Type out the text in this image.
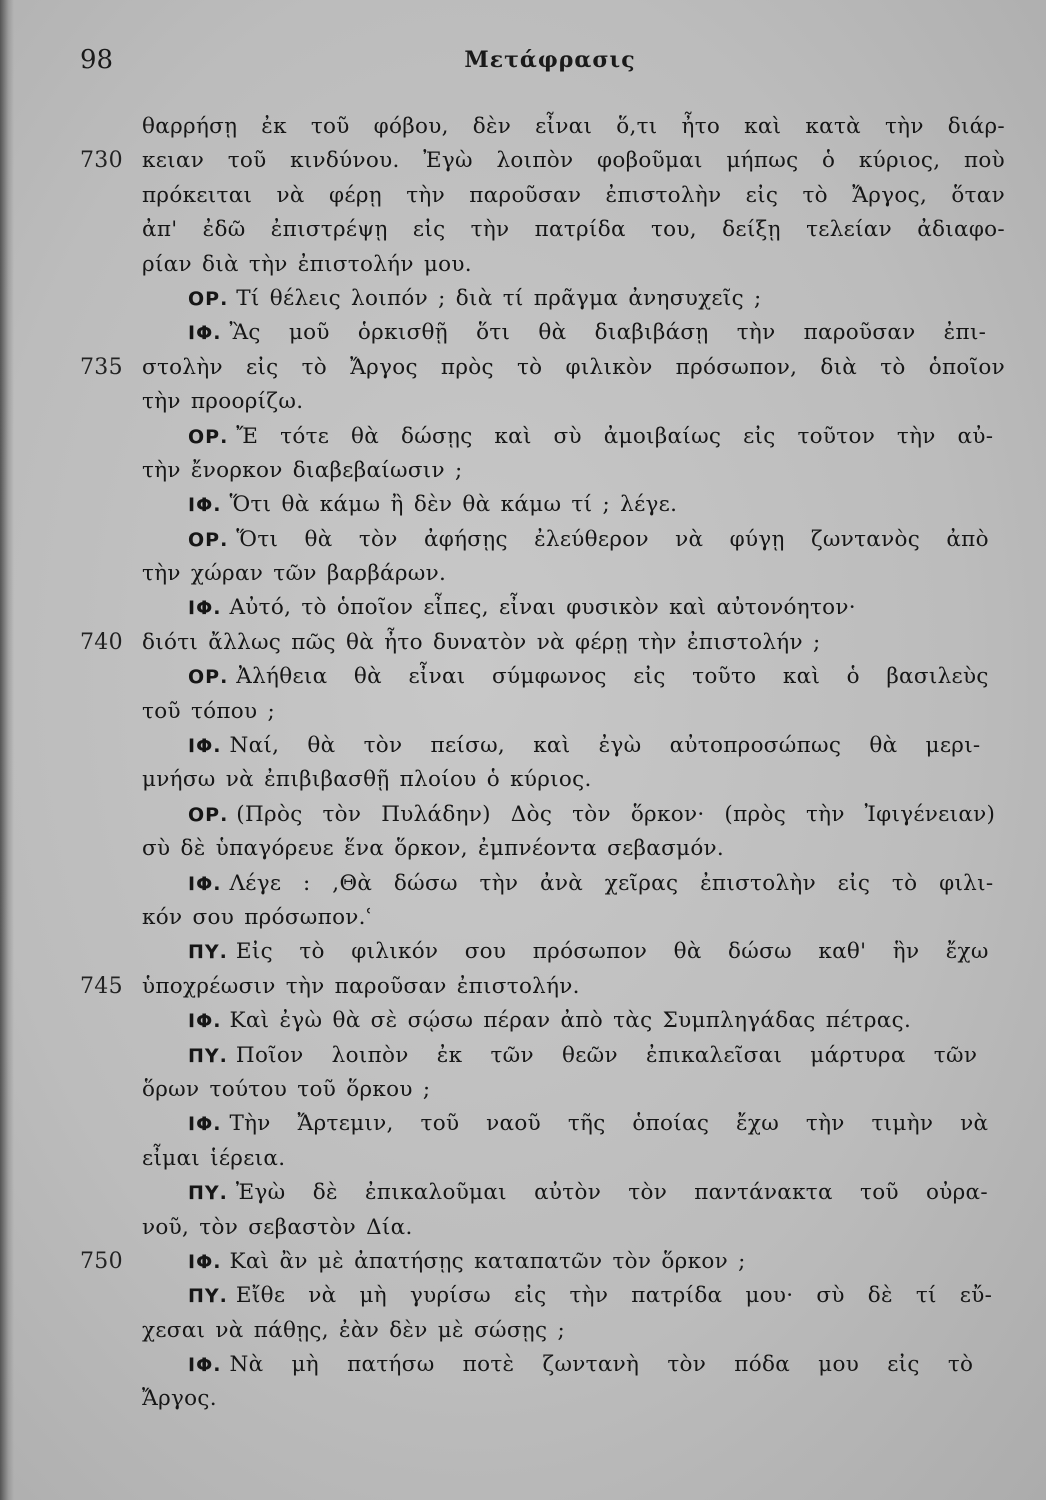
98	Μετάφρασις
θαρρήσῃ ἐκ τοῦ φόβου, δὲν εἶναι ὅ,τι ἦτο καὶ κατὰ τὴν διάρ-
730 κειαν τοῦ κινδύνου. Ἐγὼ λοιπὸν φοβοῦμαι μήπως ὁ κύριος, ποὺ
πρόκειται νὰ φέρῃ τὴν παροῦσαν ἐπιστολὴν εἰς τὸ Ἄργος, ὅταν
ἀπ' ἐδῶ ἐπιστρέψῃ εἰς τὴν πατρίδα του, δείξῃ τελείαν ἀδιαφο-
ρίαν διὰ τὴν ἐπιστολήν μου.
ΟΡ. Τί θέλεις λοιπόν ; διὰ τί πρᾶγμα ἀνησυχεῖς ;
ΙΦ. Ἂς μοῦ ὁρκισθῇ ὅτι θὰ διαβιβάσῃ τὴν παροῦσαν ἐπι-
735 στολὴν εἰς τὸ Ἄργος πρὸς τὸ φιλικὸν πρόσωπον, διὰ τὸ ὁποῖον
τὴν προορίζω.
ΟΡ. Ἔ τότε θὰ δώσῃς καὶ σὺ ἀμοιβαίως εἰς τοῦτον τὴν αὐ-
τὴν ἔνορκον διαβεβαίωσιν ;
ΙΦ. Ὅτι θὰ κάμω ἢ δὲν θὰ κάμω τί ; λέγε.
ΟΡ. Ὅτι θὰ τὸν ἀφήσῃς ἐλεύθερον νὰ φύγῃ ζωντανὸς ἀπὸ
τὴν χώραν τῶν βαρβάρων.
ΙΦ. Αὐτό, τὸ ὁποῖον εἶπες, εἶναι φυσικὸν καὶ αὐτονόητον·
740 διότι ἄλλως πῶς θὰ ἦτο δυνατὸν νὰ φέρῃ τὴν ἐπιστολήν ;
ΟΡ. Ἀλήθεια θὰ εἶναι σύμφωνος εἰς τοῦτο καὶ ὁ βασιλεὺς
τοῦ τόπου ;
ΙΦ. Ναί, θὰ τὸν πείσω, καὶ ἐγὼ αὐτοπροσώπως θὰ μερι-
μνήσω νὰ ἐπιβιβασθῇ πλοίου ὁ κύριος.
ΟΡ. (Πρὸς τὸν Πυλάδην) Δὸς τὸν ὅρκον· (πρὸς τὴν Ἰφιγένειαν)
σὺ δὲ ὑπαγόρευε ἕνα ὅρκον, ἐμπνέοντα σεβασμόν.
ΙΦ. Λέγε : ,Θὰ δώσω τὴν ἀνὰ χεῖρας ἐπιστολὴν εἰς τὸ φιλι-
κόν σου πρόσωπον.ʿ
ΠΥ. Εἰς τὸ φιλικόν σου πρόσωπον θὰ δώσω καθ' ἣν ἔχω
745 ὑποχρέωσιν τὴν παροῦσαν ἐπιστολήν.
ΙΦ. Καὶ ἐγὼ θὰ σὲ σῴσω πέραν ἀπὸ τὰς Συμπληγάδας πέτρας.
ΠΥ. Ποῖον λοιπὸν ἐκ τῶν θεῶν ἐπικαλεῖσαι μάρτυρα τῶν
ὅρων τούτου τοῦ ὅρκου ;
ΙΦ. Τὴν Ἄρτεμιν, τοῦ ναοῦ τῆς ὁποίας ἔχω τὴν τιμὴν νὰ
εἶμαι ἱέρεια.
ΠΥ. Ἐγὼ δὲ ἐπικαλοῦμαι αὐτὸν τὸν παντάνακτα τοῦ οὐρα-
νοῦ, τὸν σεβαστὸν Δία.
750	ΙΦ. Καὶ ἂν μὲ ἀπατήσῃς καταπατῶν τὸν ὅρκον ;
ΠΥ. Εἴθε νὰ μὴ γυρίσω εἰς τὴν πατρίδα μου· σὺ δὲ τί εὔ-
χεσαι νὰ πάθῃς, ἐὰν δὲν μὲ σώσῃς ;
ΙΦ. Νὰ μὴ πατήσω ποτὲ ζωντανὴ τὸν πόδα μου εἰς τὸ
Ἄργος.
